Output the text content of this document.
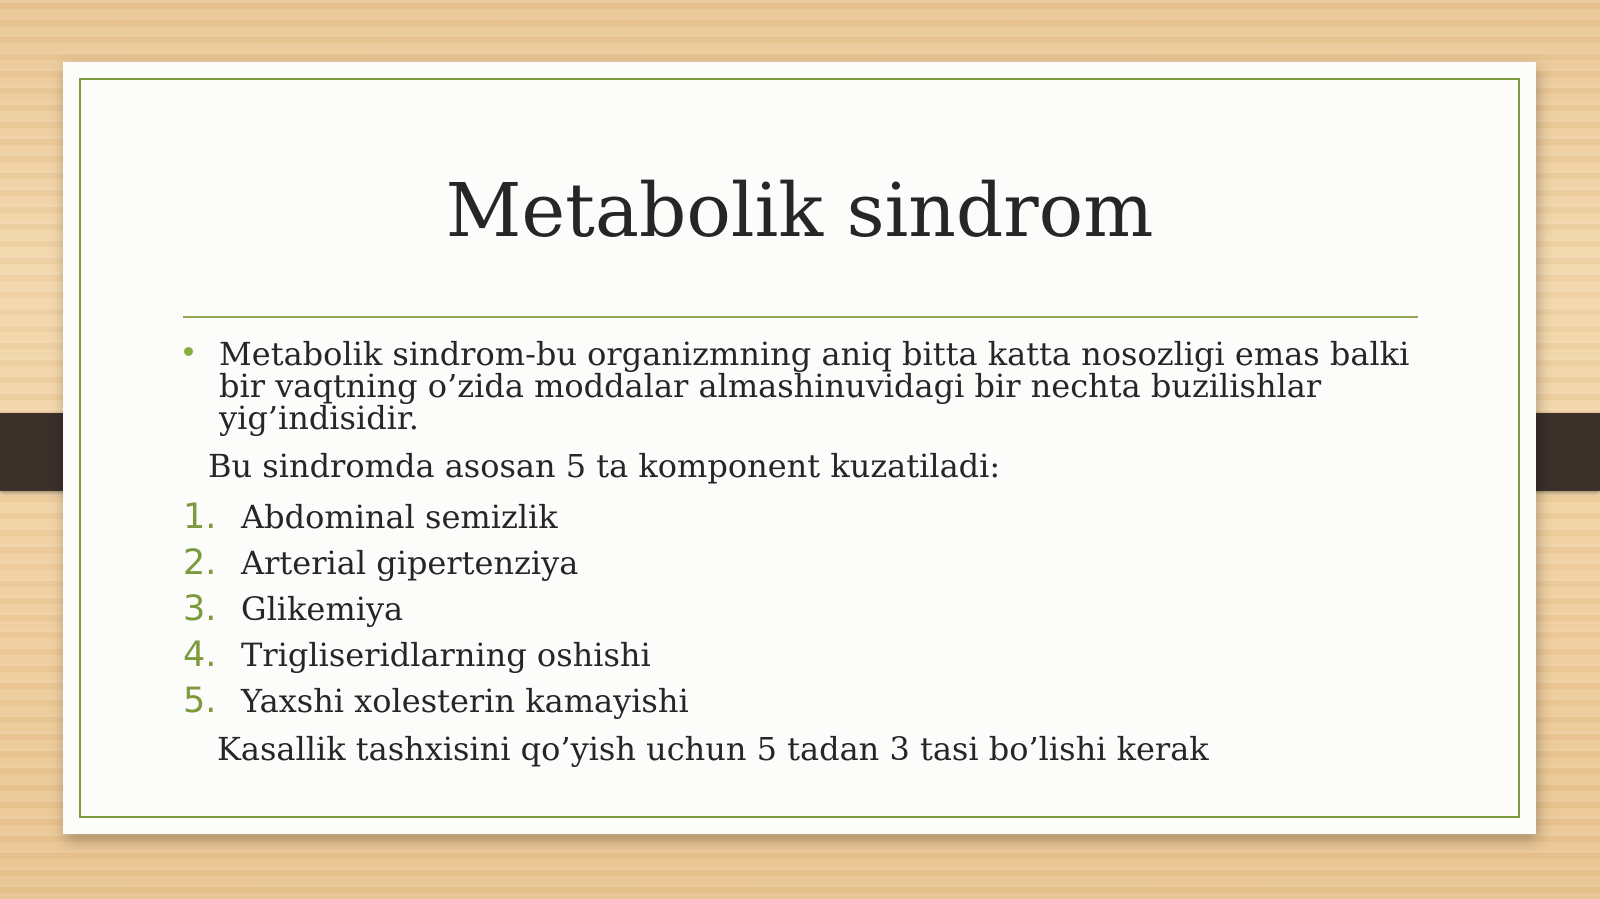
Metabolik sindrom
Metabolik sindrom-bu organizmning aniq bitta katta nosozligi emas balki bir vaqtning o’zida moddalar almashinuvidagi bir nechta buzilishlar yig’indisidir.
Bu sindromda asosan 5 ta komponent kuzatiladi:
1. Abdominal semizlik
2. Arterial gipertenziya
3. Glikemiya
4. Trigliseridlarning oshishi
5. Yaxshi xolesterin kamayishi
Kasallik tashxisini qo’yish uchun 5 tadan 3 tasi bo’lishi kerak
